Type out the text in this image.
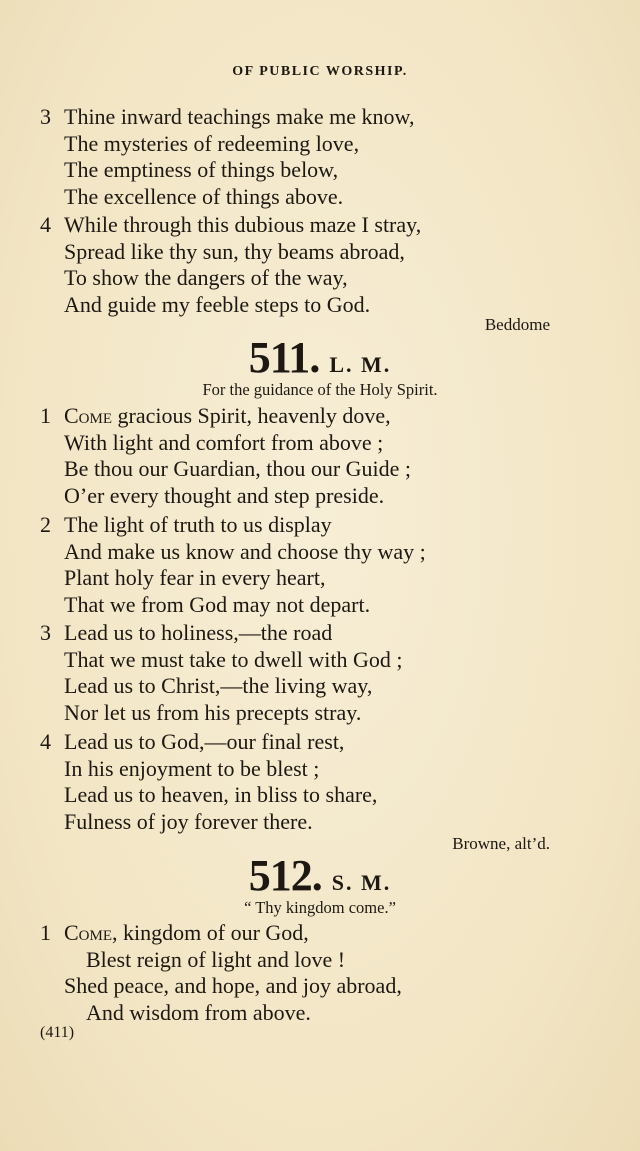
OF PUBLIC WORSHIP.
3 Thine inward teachings make me know,
The mysteries of redeeming love,
The emptiness of things below,
The excellence of things above.
4 While through this dubious maze I stray,
Spread like thy sun, thy beams abroad,
To show the dangers of the way,
And guide my feeble steps to God.
Beddome
511. L. M.
For the guidance of the Holy Spirit.
1 Come gracious Spirit, heavenly dove,
With light and comfort from above ;
Be thou our Guardian, thou our Guide ;
O’er every thought and step preside.
2 The light of truth to us display
And make us know and choose thy way ;
Plant holy fear in every heart,
That we from God may not depart.
3 Lead us to holiness,—the road
That we must take to dwell with God ;
Lead us to Christ,—the living way,
Nor let us from his precepts stray.
4 Lead us to God,—our final rest,
In his enjoyment to be blest ;
Lead us to heaven, in bliss to share,
Fulness of joy forever there.
Browne, alt’d.
512. S. M.
“ Thy kingdom come.”
1 Come, kingdom of our God,
Blest reign of light and love !
Shed peace, and hope, and joy abroad,
And wisdom from above.
(411)
